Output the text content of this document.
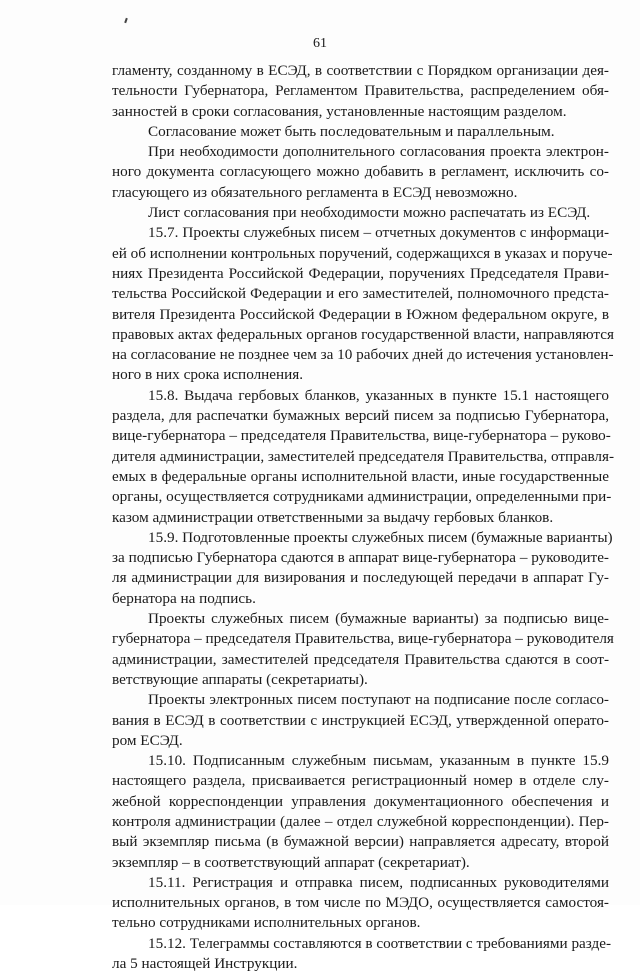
61
гламенту, созданному в ЕСЭД, в соответствии с Порядком организации дея-
тельности Губернатора, Регламентом Правительства, распределением обя-
занностей в сроки согласования, установленные настоящим разделом.
Согласование может быть последовательным и параллельным.
При необходимости дополнительного согласования проекта электрон-
ного документа согласующего можно добавить в регламент, исключить со-
гласующего из обязательного регламента в ЕСЭД невозможно.
Лист согласования при необходимости можно распечатать из ЕСЭД.
15.7. Проекты служебных писем – отчетных документов с информаци-
ей об исполнении контрольных поручений, содержащихся в указах и поруче-
ниях Президента Российской Федерации, поручениях Председателя Прави-
тельства Российской Федерации и его заместителей, полномочного предста-
вителя Президента Российской Федерации в Южном федеральном округе, в
правовых актах федеральных органов государственной власти, направляются
на согласование не позднее чем за 10 рабочих дней до истечения установлен-
ного в них срока исполнения.
15.8. Выдача гербовых бланков, указанных в пункте 15.1 настоящего
раздела, для распечатки бумажных версий писем за подписью Губернатора,
вице-губернатора – председателя Правительства, вице-губернатора – руково-
дителя администрации, заместителей председателя Правительства, отправля-
емых в федеральные органы исполнительной власти, иные государственные
органы, осуществляется сотрудниками администрации, определенными при-
казом администрации ответственными за выдачу гербовых бланков.
15.9. Подготовленные проекты служебных писем (бумажные варианты)
за подписью Губернатора сдаются в аппарат вице-губернатора – руководите-
ля администрации для визирования и последующей передачи в аппарат Гу-
бернатора на подпись.
Проекты служебных писем (бумажные варианты) за подписью вице-
губернатора – председателя Правительства, вице-губернатора – руководителя
администрации, заместителей председателя Правительства сдаются в соот-
ветствующие аппараты (секретариаты).
Проекты электронных писем поступают на подписание после согласо-
вания в ЕСЭД в соответствии с инструкцией ЕСЭД, утвержденной операто-
ром ЕСЭД.
15.10. Подписанным служебным письмам, указанным в пункте 15.9
настоящего раздела, присваивается регистрационный номер в отделе слу-
жебной корреспонденции управления документационного обеспечения и
контроля администрации (далее – отдел служебной корреспонденции). Пер-
вый экземпляр письма (в бумажной версии) направляется адресату, второй
экземпляр – в соответствующий аппарат (секретариат).
15.11. Регистрация и отправка писем, подписанных руководителями
исполнительных органов, в том числе по МЭДО, осуществляется самостоя-
тельно сотрудниками исполнительных органов.
15.12. Телеграммы составляются в соответствии с требованиями разде-
ла 5 настоящей Инструкции.
